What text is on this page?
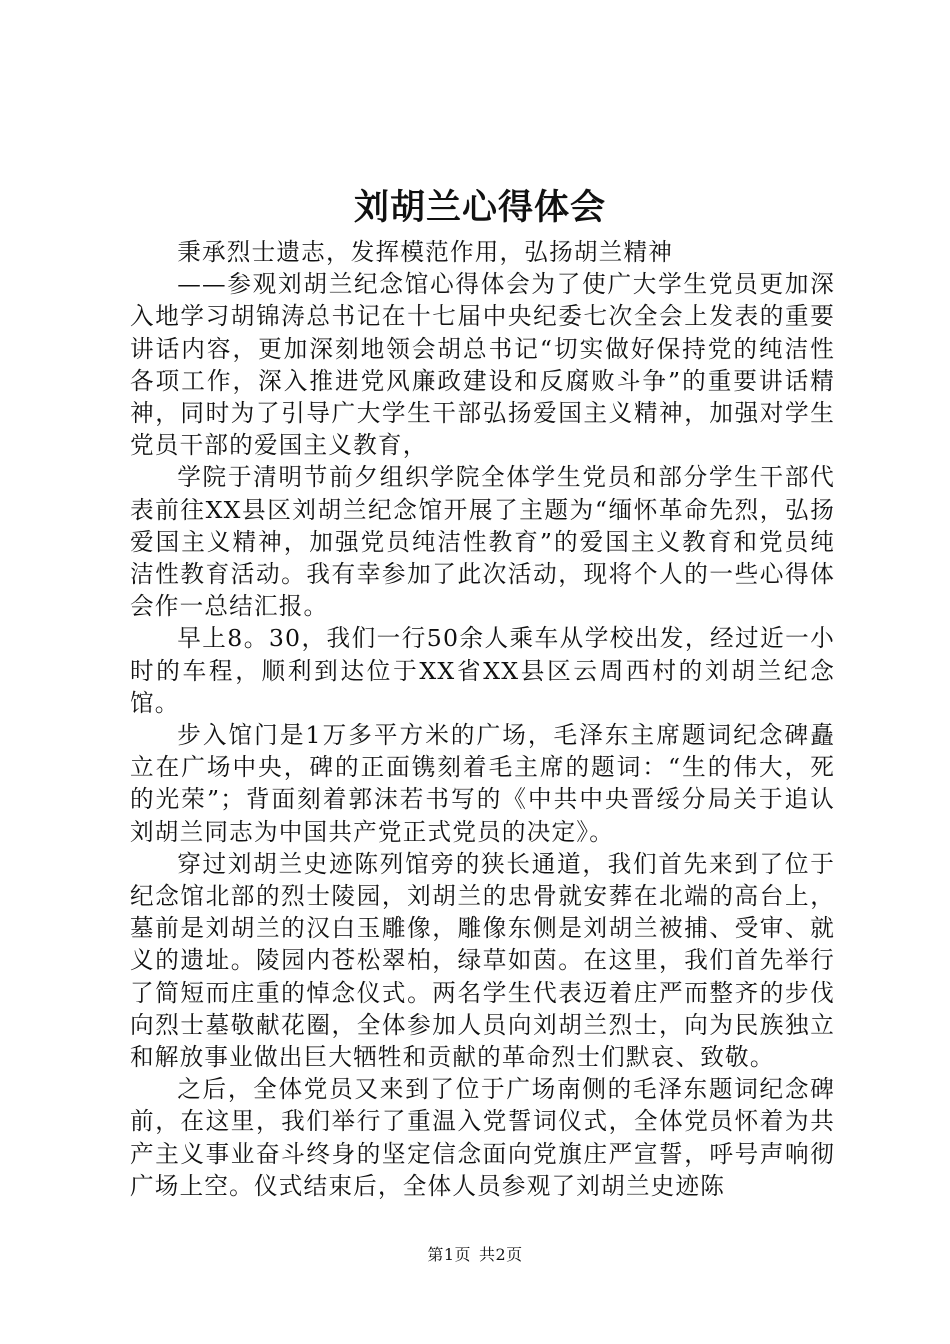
刘胡兰心得体会

秉承烈士遗志，发挥模范作用，弘扬胡兰精神

——参观刘胡兰纪念馆心得体会为了使广大学生党员更加深入地学习胡锦涛总书记在十七届中央纪委七次全会上发表的重要讲话内容，更加深刻地领会胡总书记“切实做好保持党的纯洁性各项工作，深入推进党风廉政建设和反腐败斗争”的重要讲话精神，同时为了引导广大学生干部弘扬爱国主义精神，加强对学生党员干部的爱国主义教育，

学院于清明节前夕组织学院全体学生党员和部分学生干部代表前往XX县区刘胡兰纪念馆开展了主题为“缅怀革命先烈，弘扬爱国主义精神，加强党员纯洁性教育”的爱国主义教育和党员纯洁性教育活动。我有幸参加了此次活动，现将个人的一些心得体会作一总结汇报。

早上8。30，我们一行50余人乘车从学校出发，经过近一小时的车程，顺利到达位于XX省XX县区云周西村的刘胡兰纪念馆。

步入馆门是1万多平方米的广场，毛泽东主席题词纪念碑矗立在广场中央，碑的正面镌刻着毛主席的题词：“生的伟大，死的光荣”；背面刻着郭沫若书写的《中共中央晋绥分局关于追认刘胡兰同志为中国共产党正式党员的决定》。

穿过刘胡兰史迹陈列馆旁的狭长通道，我们首先来到了位于纪念馆北部的烈士陵园，刘胡兰的忠骨就安葬在北端的高台上，墓前是刘胡兰的汉白玉雕像，雕像东侧是刘胡兰被捕、受审、就义的遗址。陵园内苍松翠柏，绿草如茵。在这里，我们首先举行了简短而庄重的悼念仪式。两名学生代表迈着庄严而整齐的步伐向烈士墓敬献花圈，全体参加人员向刘胡兰烈士，向为民族独立和解放事业做出巨大牺牲和贡献的革命烈士们默哀、致敬。

之后，全体党员又来到了位于广场南侧的毛泽东题词纪念碑前，在这里，我们举行了重温入党誓词仪式，全体党员怀着为共产主义事业奋斗终身的坚定信念面向党旗庄严宣誓，呼号声响彻广场上空。仪式结束后，全体人员参观了刘胡兰史迹陈

第1页 共2页
